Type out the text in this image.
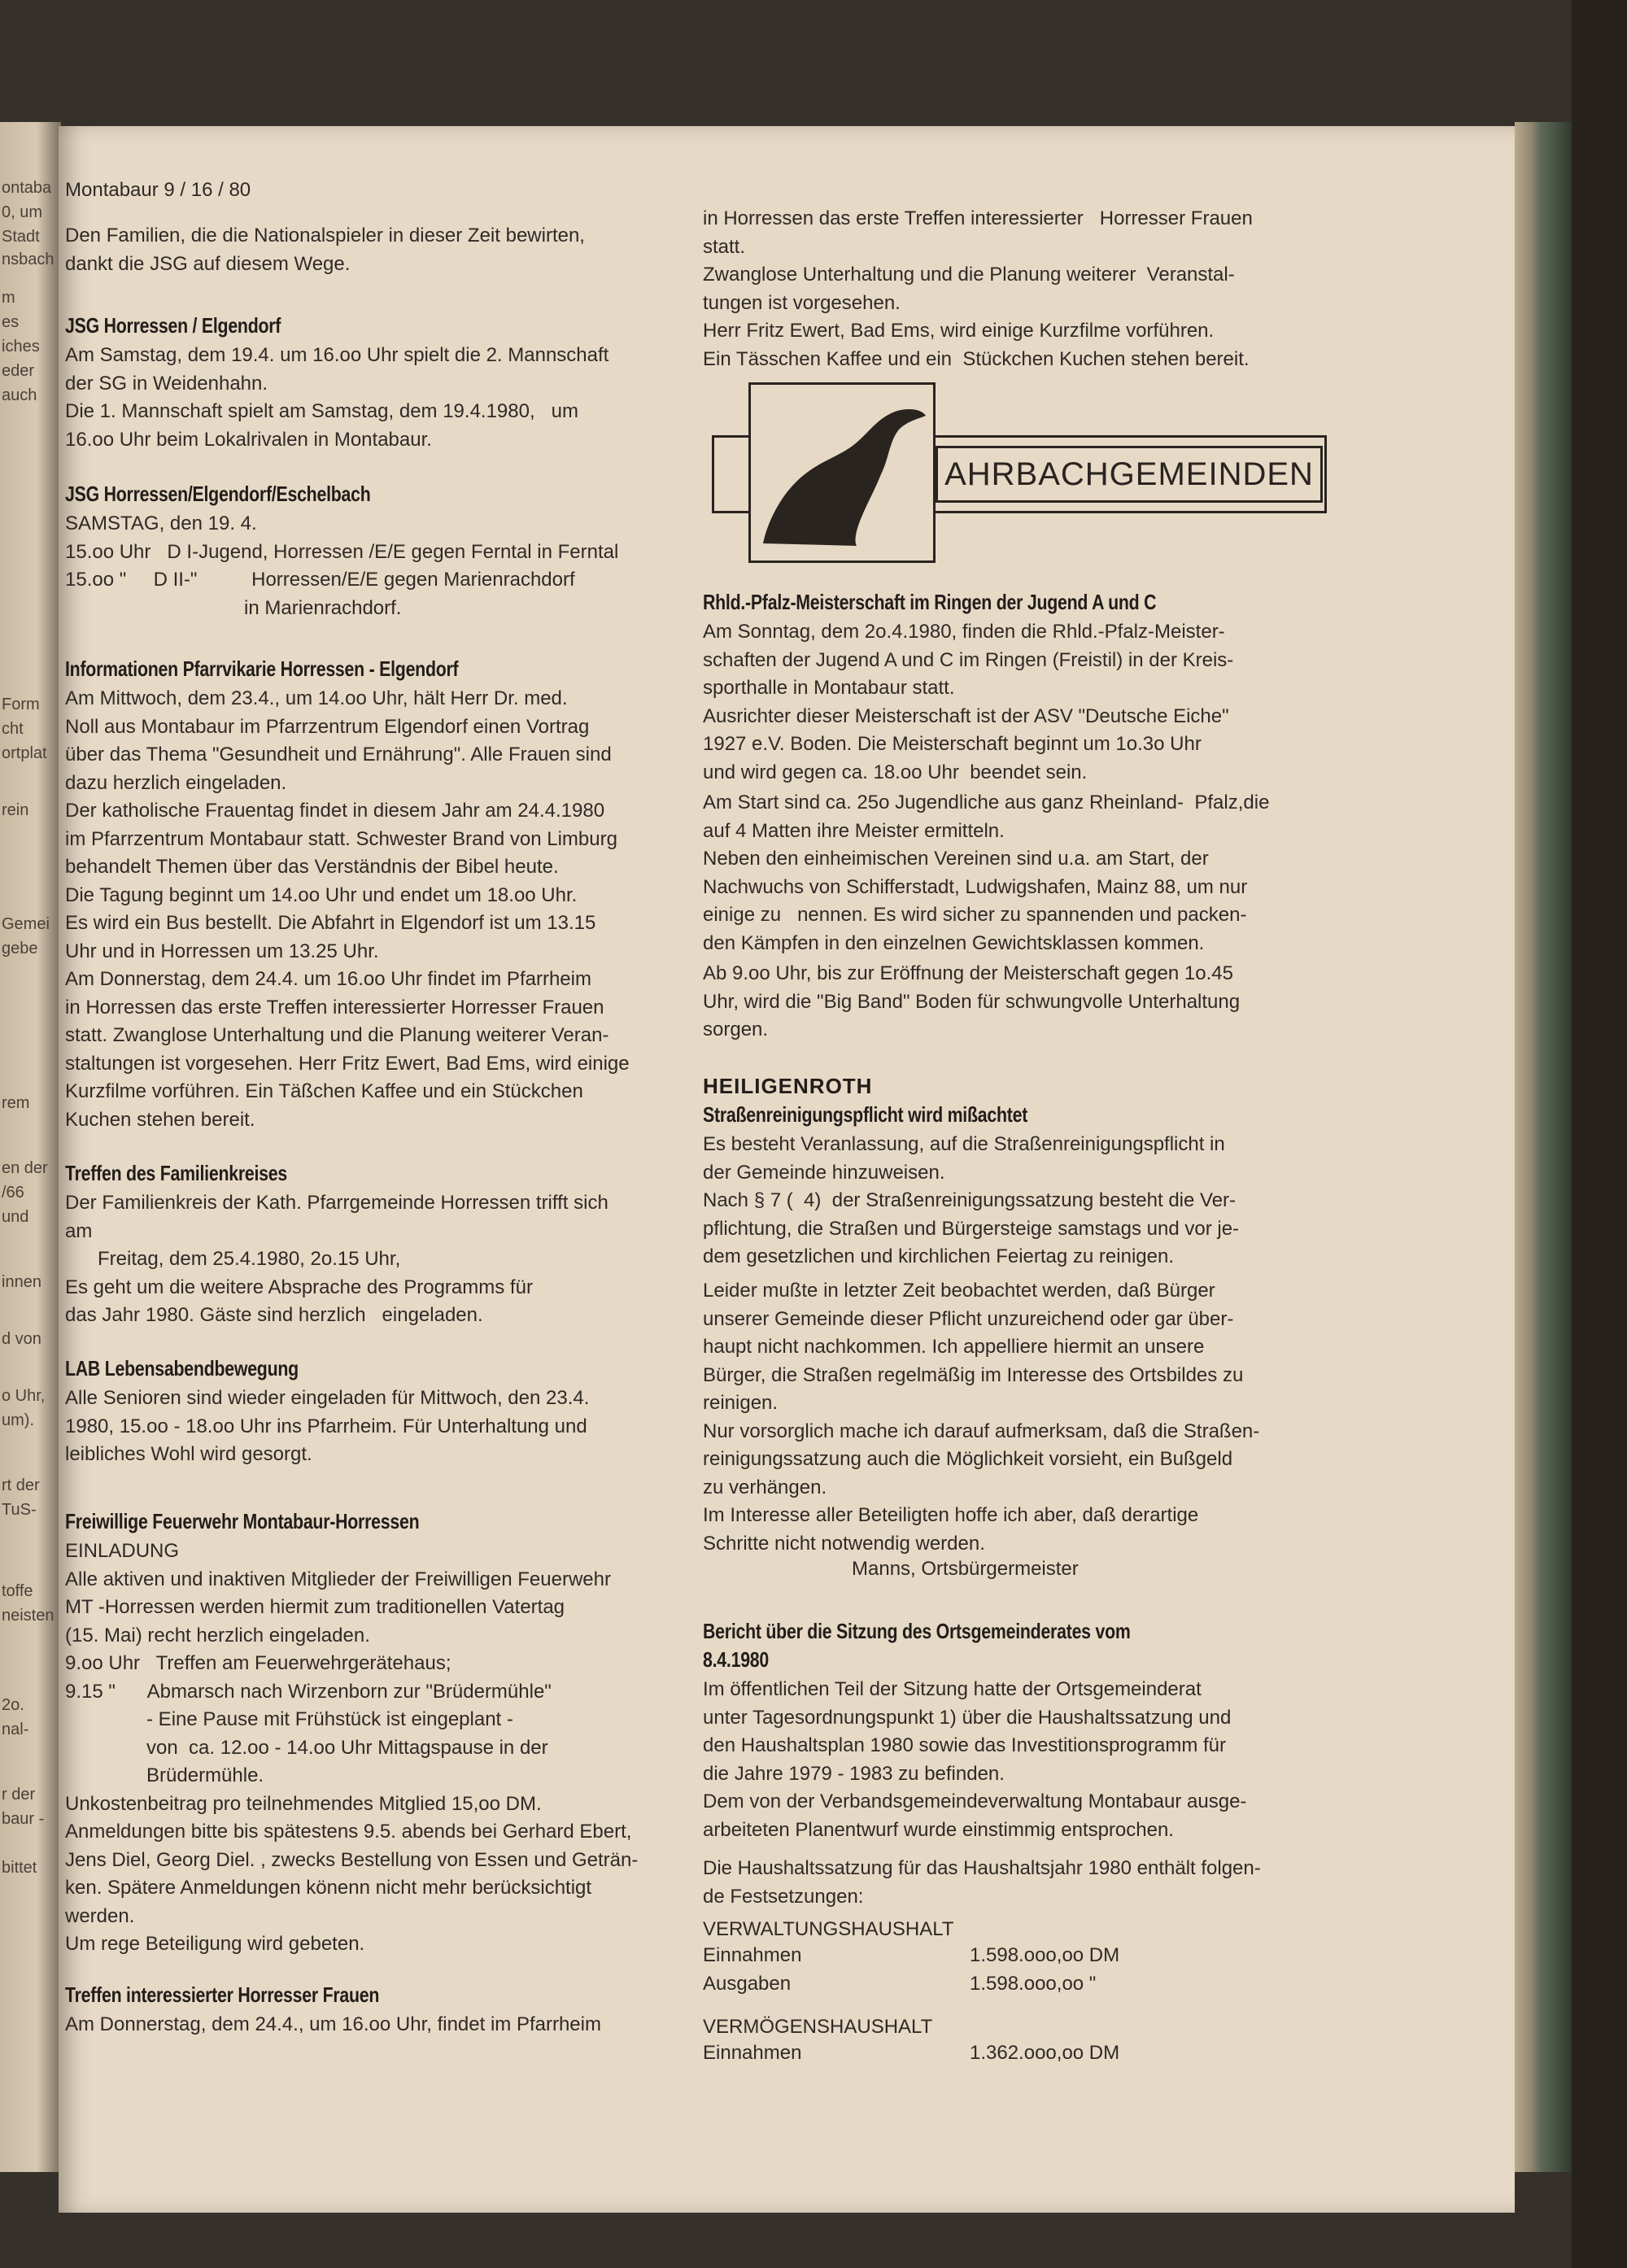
ontaba
0, um
Stadt
nsbach
m
es
iches
eder
auch
Form
cht
ortplat
rein
Gemei
gebe
rem
en der
/66
und
innen
d von
o Uhr,
um).
rt der
TuS-
toffe
neisten
2o.
nal-
r der
baur -
bittet
Montabaur 9 / 16 / 80
Den Familien, die die Nationalspieler in dieser Zeit bewirten,
dankt die JSG auf diesem Wege.
JSG Horressen / Elgendorf
Am Samstag, dem 19.4. um 16.oo Uhr spielt die 2. Mannschaft
der SG in Weidenhahn.
Die 1. Mannschaft spielt am Samstag, dem 19.4.1980,   um
16.oo Uhr beim Lokalrivalen in Montabaur.
JSG Horressen/Elgendorf/Eschelbach
SAMSTAG, den 19. 4.
15.oo Uhr   D I-Jugend, Horressen /E/E gegen Ferntal in Ferntal
15.oo "     D II-"          Horressen/E/E gegen Marienrachdorf
in Marienrachdorf.
Informationen Pfarrvikarie Horressen - Elgendorf
Am Mittwoch, dem 23.4., um 14.oo Uhr, hält Herr Dr. med.
Noll aus Montabaur im Pfarrzentrum Elgendorf einen Vortrag
über das Thema "Gesundheit und Ernährung". Alle Frauen sind
dazu herzlich eingeladen.
Der katholische Frauentag findet in diesem Jahr am 24.4.1980
im Pfarrzentrum Montabaur statt. Schwester Brand von Limburg
behandelt Themen über das Verständnis der Bibel heute.
Die Tagung beginnt um 14.oo Uhr und endet um 18.oo Uhr.
Es wird ein Bus bestellt. Die Abfahrt in Elgendorf ist um 13.15
Uhr und in Horressen um 13.25 Uhr.
Am Donnerstag, dem 24.4. um 16.oo Uhr findet im Pfarrheim
in Horressen das erste Treffen interessierter Horresser Frauen
statt. Zwanglose Unterhaltung und die Planung weiterer Veran-
staltungen ist vorgesehen. Herr Fritz Ewert, Bad Ems, wird einige
Kurzfilme vorführen. Ein Täßchen Kaffee und ein Stückchen
Kuchen stehen bereit.
Treffen des Familienkreises
Der Familienkreis der Kath. Pfarrgemeinde Horressen trifft sich
am
Freitag, dem 25.4.1980, 2o.15 Uhr,
Es geht um die weitere Absprache des Programms für
das Jahr 1980. Gäste sind herzlich   eingeladen.
LAB Lebensabendbewegung
Alle Senioren sind wieder eingeladen für Mittwoch, den 23.4.
1980, 15.oo - 18.oo Uhr ins Pfarrheim. Für Unterhaltung und
leibliches Wohl wird gesorgt.
Freiwillige Feuerwehr Montabaur-Horressen
EINLADUNG
Alle aktiven und inaktiven Mitglieder der Freiwilligen Feuerwehr
MT -Horressen werden hiermit zum traditionellen Vatertag
(15. Mai) recht herzlich eingeladen.
9.oo Uhr   Treffen am Feuerwehrgerätehaus;
9.15 "      Abmarsch nach Wirzenborn zur "Brüdermühle"
- Eine Pause mit Frühstück ist eingeplant -
von  ca. 12.oo - 14.oo Uhr Mittagspause in der
Brüdermühle.
Unkostenbeitrag pro teilnehmendes Mitglied 15,oo DM.
Anmeldungen bitte bis spätestens 9.5. abends bei Gerhard Ebert,
Jens Diel, Georg Diel. , zwecks Bestellung von Essen und Geträn-
ken. Spätere Anmeldungen könenn nicht mehr berücksichtigt
werden.
Um rege Beteiligung wird gebeten.
Treffen interessierter Horresser Frauen
Am Donnerstag, dem 24.4., um 16.oo Uhr, findet im Pfarrheim
in Horressen das erste Treffen interessierter   Horresser Frauen
statt.
Zwanglose Unterhaltung und die Planung weiterer  Veranstal-
tungen ist vorgesehen.
Herr Fritz Ewert, Bad Ems, wird einige Kurzfilme vorführen.
Ein Tässchen Kaffee und ein  Stückchen Kuchen stehen bereit.
AHRBACHGEMEINDEN
Rhld.-Pfalz-Meisterschaft im Ringen der Jugend A und C
Am Sonntag, dem 2o.4.1980, finden die Rhld.-Pfalz-Meister-
schaften der Jugend A und C im Ringen (Freistil) in der Kreis-
sporthalle in Montabaur statt.
Ausrichter dieser Meisterschaft ist der ASV "Deutsche Eiche"
1927 e.V. Boden. Die Meisterschaft beginnt um 1o.3o Uhr
und wird gegen ca. 18.oo Uhr  beendet sein.
Am Start sind ca. 25o Jugendliche aus ganz Rheinland-  Pfalz,die
auf 4 Matten ihre Meister ermitteln.
Neben den einheimischen Vereinen sind u.a. am Start, der
Nachwuchs von Schifferstadt, Ludwigshafen, Mainz 88, um nur
einige zu   nennen. Es wird sicher zu spannenden und packen-
den Kämpfen in den einzelnen Gewichtsklassen kommen.
Ab 9.oo Uhr, bis zur Eröffnung der Meisterschaft gegen 1o.45
Uhr, wird die "Big Band" Boden für schwungvolle Unterhaltung
sorgen.
HEILIGENROTH
Straßenreinigungspflicht wird mißachtet
Es besteht Veranlassung, auf die Straßenreinigungspflicht in
der Gemeinde hinzuweisen.
Nach § 7 (  4)  der Straßenreinigungssatzung besteht die Ver-
pflichtung, die Straßen und Bürgersteige samstags und vor je-
dem gesetzlichen und kirchlichen Feiertag zu reinigen.
Leider mußte in letzter Zeit beobachtet werden, daß Bürger
unserer Gemeinde dieser Pflicht unzureichend oder gar über-
haupt nicht nachkommen. Ich appelliere hiermit an unsere
Bürger, die Straßen regelmäßig im Interesse des Ortsbildes zu
reinigen.
Nur vorsorglich mache ich darauf aufmerksam, daß die Straßen-
reinigungssatzung auch die Möglichkeit vorsieht, ein Bußgeld
zu verhängen.
Im Interesse aller Beteiligten hoffe ich aber, daß derartige
Schritte nicht notwendig werden.
Manns, Ortsbürgermeister
Bericht über die Sitzung des Ortsgemeinderates vom
8.4.1980
Im öffentlichen Teil der Sitzung hatte der Ortsgemeinderat
unter Tagesordnungspunkt 1) über die Haushaltssatzung und
den Haushaltsplan 1980 sowie das Investitionsprogramm für
die Jahre 1979 - 1983 zu befinden.
Dem von der Verbandsgemeindeverwaltung Montabaur ausge-
arbeiteten Planentwurf wurde einstimmig entsprochen.
Die Haushaltssatzung für das Haushaltsjahr 1980 enthält folgen-
de Festsetzungen:
VERWALTUNGSHAUSHALT
Einnahmen	1.598.ooo,oo DM
Ausgaben	1.598.ooo,oo "
VERMÖGENSHAUSHALT
Einnahmen	1.362.ooo,oo DM
